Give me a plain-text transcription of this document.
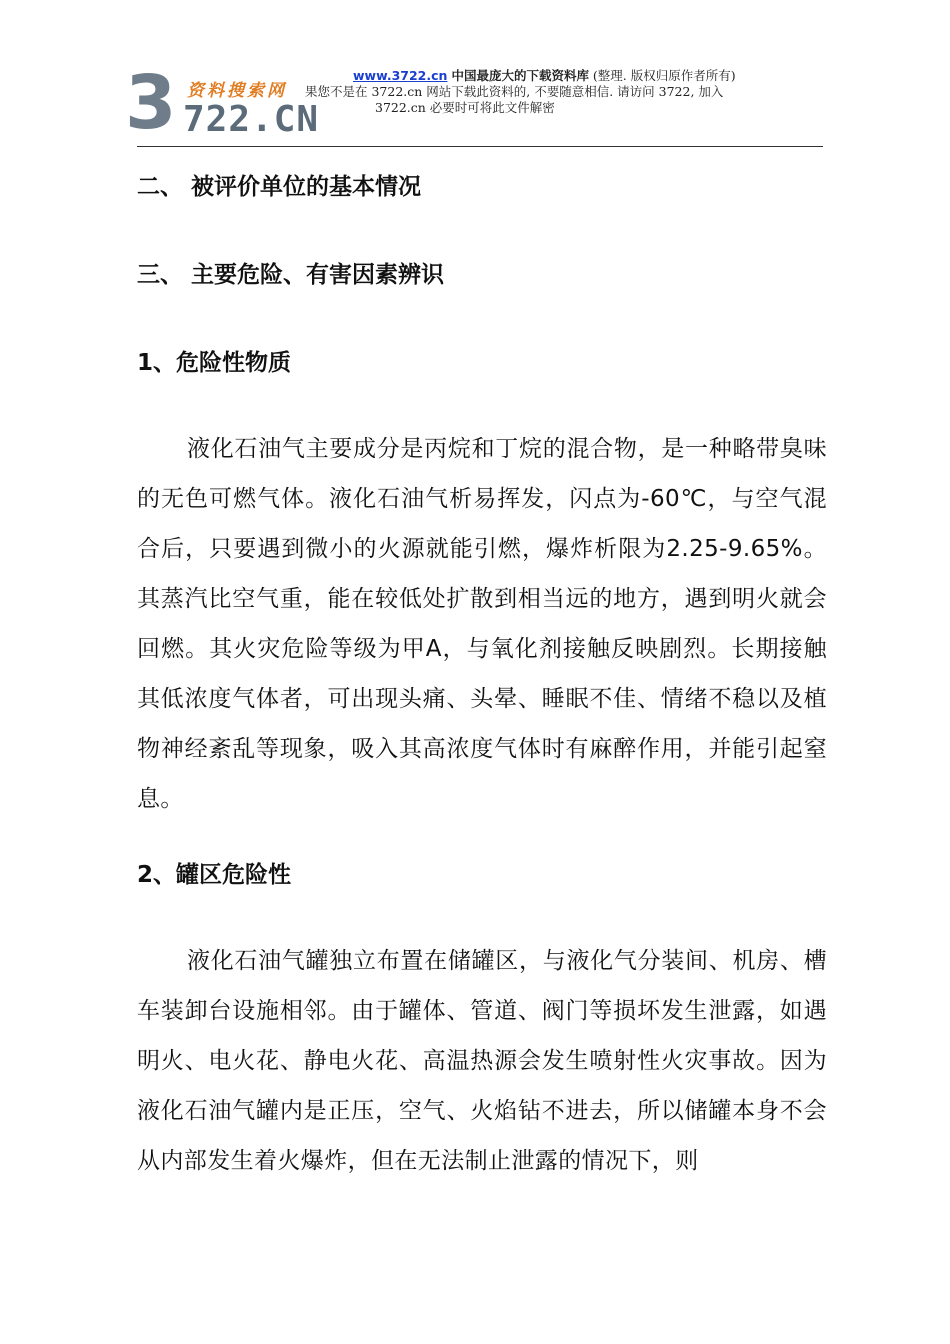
3 资料搜索网
722.CN
www.3722.cn 中国最庞大的下载资料库 (整理. 版权归原作者所有)
果您不是在 3722.cn 网站下载此资料的, 不要随意相信. 请访问 3722, 加入
3722.cn 必要时可将此文件解密
二、 被评价单位的基本情况
三、 主要危险、有害因素辨识
1、危险性物质

液化石油气主要成分是丙烷和丁烷的混合物，是一种略带臭味的无色可燃气体。液化石油气析易挥发，闪点为-60℃，与空气混合后，只要遇到微小的火源就能引燃，爆炸析限为2.25-9.65%。其蒸汽比空气重，能在较低处扩散到相当远的地方，遇到明火就会回燃。其火灾危险等级为甲A，与氧化剂接触反映剧烈。长期接触其低浓度气体者，可出现头痛、头晕、睡眠不佳、情绪不稳以及植物神经紊乱等现象，吸入其高浓度气体时有麻醉作用，并能引起窒息。

2、罐区危险性

液化石油气罐独立布置在储罐区，与液化气分装间、机房、槽车装卸台设施相邻。由于罐体、管道、阀门等损坏发生泄露，如遇明火、电火花、静电火花、高温热源会发生喷射性火灾事故。因为液化石油气罐内是正压，空气、火焰钻不进去，所以储罐本身不会从内部发生着火爆炸，但在无法制止泄露的情况下，则
